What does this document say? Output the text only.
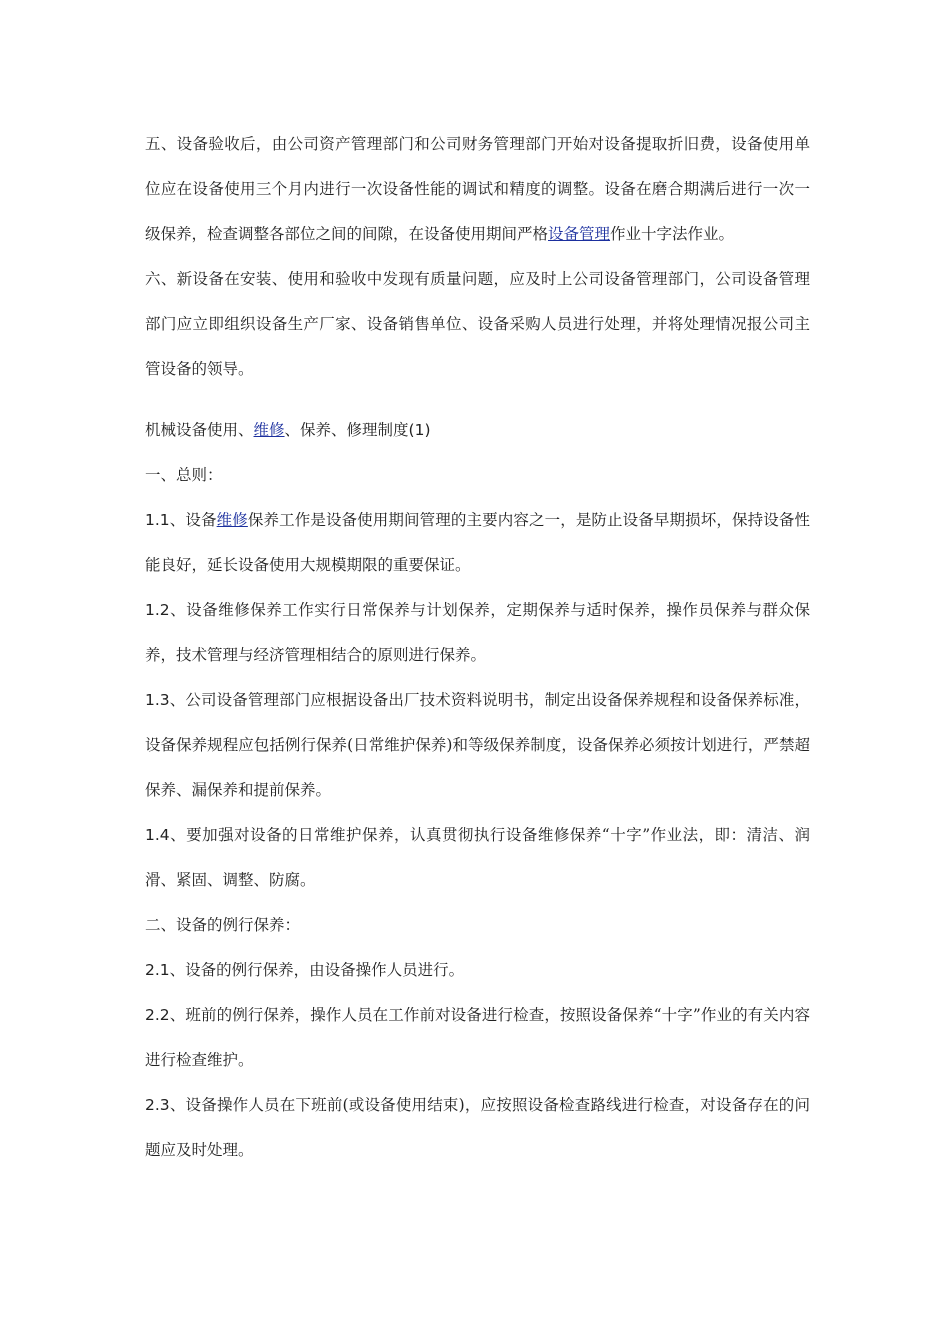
五、设备验收后，由公司资产管理部门和公司财务管理部门开始对设备提取折旧费，设备使用单位应在设备使用三个月内进行一次设备性能的调试和精度的调整。设备在磨合期满后进行一次一级保养，检查调整各部位之间的间隙，在设备使用期间严格设备管理作业十字法作业。

六、新设备在安装、使用和验收中发现有质量问题，应及时上公司设备管理部门，公司设备管理部门应立即组织设备生产厂家、设备销售单位、设备采购人员进行处理，并将处理情况报公司主管设备的领导。

机械设备使用、维修、保养、修理制度(1)

一、总则：

1.1、设备维修保养工作是设备使用期间管理的主要内容之一，是防止设备早期损坏，保持设备性能良好，延长设备使用大规模期限的重要保证。

1.2、设备维修保养工作实行日常保养与计划保养，定期保养与适时保养，操作员保养与群众保养，技术管理与经济管理相结合的原则进行保养。

1.3、公司设备管理部门应根据设备出厂技术资料说明书，制定出设备保养规程和设备保养标准，设备保养规程应包括例行保养(日常维护保养)和等级保养制度，设备保养必须按计划进行，严禁超保养、漏保养和提前保养。

1.4、要加强对设备的日常维护保养，认真贯彻执行设备维修保养“十字”作业法，即：清洁、润滑、紧固、调整、防腐。

二、设备的例行保养：

2.1、设备的例行保养，由设备操作人员进行。

2.2、班前的例行保养，操作人员在工作前对设备进行检查，按照设备保养“十字”作业的有关内容进行检查维护。

2.3、设备操作人员在下班前(或设备使用结束)，应按照设备检查路线进行检查，对设备存在的问题应及时处理。
